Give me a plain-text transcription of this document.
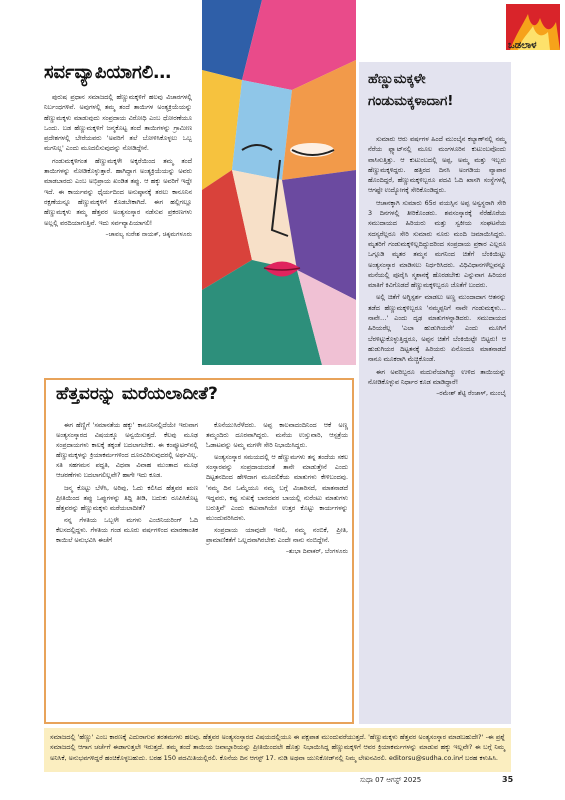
ಒಡಲಾಳ
ಸರ್ವವ್ಯಾಪಿಯಾಗಲಿ…

ಪುರುಷ ಪ್ರಧಾನ ಸಮಾಜದಲ್ಲಿ ಹೆಣ್ಣುಮಕ್ಕಳಿಗೆ ಹಲವು ವಿಚಾರಗಳಲ್ಲಿ ನಿರ್ಬಂಧಗಳಿವೆ. ಅವುಗಳಲ್ಲಿ ತಮ್ಮ ತಂದೆ ತಾಯಿಗಳ ಅಂತ್ಯಕ್ರಿಯೆಯನ್ನು ಹೆಣ್ಣುಮಕ್ಕಳು ಮಾಡುವುದು ಸಂಪ್ರದಾಯ ವಿರೋಧಿ ಎಂಬ ಧೋರಣೆಯೂ ಒಂದು. ಬಡ ಹೆಣ್ಣುಮಕ್ಕಳಿಗೆ ಜನ್ಮಕೊಟ್ಟ ತಂದೆ ತಾಯಿಗಳನ್ನು ಗ್ರಾಮೀಣ ಪ್ರದೇಶಗಳಲ್ಲಿ ಬೇರೆಯವರು 'ಅವರಿಗೆ ತಲೆ ಬೋಳಿಸಿಕೊಳ್ಳಲು ಒಬ್ಬ ಮಗನಿಲ್ಲ' ಎಂದು ಮೂದಲಿಸುವುದನ್ನು ನೋಡಿದ್ದೇನೆ.

ಗಂಡುಮಕ್ಕಳಿಗಂತ ಹೆಣ್ಣುಮಕ್ಕಳೇ ಅಕ್ಕರೆಯಿಂದ ತಮ್ಮ ತಂದೆ ತಾಯಿಗಳನ್ನು ನೋಡಿಕೊಳ್ಳುತ್ತಾರೆ. ಹಾಗಿದ್ದಾಗ ಅಂತ್ಯಕ್ರಿಯೆಯನ್ನು ಅವರು ಮಾಡಬಾರದು ಎಂಬ ಅಭಿಪ್ರಾಯ ಖಂಡಿತ ತಪ್ಪು. ಆ ಹಕ್ಕು ಅವರಿಗೆ ಇದ್ದೇ ಇದೆ. ಈ ಕಾರ್ಯವನ್ನು ಧೈರ್ಯದಿಂದ ಅನುಷ್ಠಾನಕ್ಕೆ ತರಲು ಕಾನೂನಿನ ರಕ್ಷಣೆಯನ್ನೂ ಹೆಣ್ಣುಮಕ್ಕಳಿಗೆ ಕೊಡಬೇಕಾಗಿದೆ. ಈಗ ಹಲ್ಲಿಗಲ್ಲೂ ಹೆಣ್ಣುಮಕ್ಕಳು ತಮ್ಮ ಹೆತ್ತವರ ಅಂತ್ಯಸಂಸ್ಕಾರ ನಡೆಸುವ ಪ್ರಕರಣಗಳು ಅಲ್ಲಲ್ಲಿ ವರದಿಯಾಗುತ್ತಿವೆ. ಇದು ಸರ್ವವ್ಯಾಪಿಯಾಗಲಿ!

–ಚಾವಲ್ಯ ಸುರೇಶ ನಾಯಕ್, ಚಿಕ್ಕಮಗಳೂರು
ಹೆಣ್ಣುಮಕ್ಕಳೇ ಗಂಡುಮಕ್ಕಳಾದಾಗ!

ಸುಮಾರು ಆರು ವರ್ಷಗಳ ಹಿಂದೆ ಮುಂಬೈನ ಕಲ್ಯಾಣ್‌ನಲ್ಲಿ ನಮ್ಮ ನೆರೆಯ ಫ್ಲ್ಯಾಟ್‌ನಲ್ಲಿ ಮೂಲ ಮಂಗಳೂರಿನ ಕುಟುಂಬವೊಂದು ವಾಸಿಸುತ್ತಿತ್ತು. ಆ ಕುಟುಂಬದಲ್ಲಿ ಅಪ್ಪ, ಅಮ್ಮ ಮತ್ತು ಇಬ್ಬರು ಹೆಣ್ಣುಮಕ್ಕಳಿದ್ದರು. ಹತ್ತಿರದ ದಿನಸಿ ಅಂಗಡಿಯ ವ್ಯಾಪಾರ ಹೊಂದಿದ್ದರೆ, ಹೆಣ್ಣುಮಕ್ಕಳಿಬ್ಬರೂ ಪದವಿ ಓದಿ ಖಾಸಗಿ ಸಂಸ್ಥೆಗಳಲ್ಲಿ ಆಗಷ್ಟೇ ಉದ್ಯೋಗಕ್ಕೆ ಸೇರಿಕೊಂಡಿದ್ದರು.

ಆಚಾನಕ್ಕಾಗಿ ಸುಮಾರು 65ರ ವಯಸ್ಸಿನ ಅಪ್ಪ ಅಸ್ವಸ್ಥರಾಗಿ ಸೇರಿ 3 ದಿನಗಳಲ್ಲಿ ತೀರಿಕೊಂಡರು. ಶವಸಂಸ್ಕಾರಕ್ಕೆ ನೆರೆಹೊರೆಯ ಸಮುದಾಯದ ಹಿರಿಯರು ಮತ್ತು ಸ್ವಕೀಯ ಸಂಘಟನೆಯ ಸದಸ್ಯರೆಲ್ಲರೂ ಸೇರಿ ಸುಮಾರು ನೂರು ಮಂದಿ ಜಮಾಯಿಸಿದ್ದರು. ಮೃತರಿಗೆ ಗಂಡುಮಕ್ಕಳಿಲ್ಲದಿದ್ದುದರಿಂದ ಸಂಪ್ರದಾಯ ಪ್ರಕಾರ ಎಲ್ಲರೂ ಒಗ್ಗೂಡಿ ಮೃತರ ತಮ್ಮನ ಮಗನಿಂದ ಚಿತೆಗೆ ಬೆಂಕಿಯಿಟ್ಟು ಅಂತ್ಯಸಂಸ್ಕಾರ ಮಾಡಿಸಲು ನಿರ್ಧರಿಸಿದರು. ವಿಧಿವಿಧಾನಗಳೆಲ್ಲವನ್ನೂ ಮನೆಯಲ್ಲಿ ಪೂರೈಸಿ ಸ್ಮಶಾನಕ್ಕೆ ಹೊರಡಬೇಕು ಎನ್ನುವಾಗ ಹಿರಿಯರ ಮಾತಿಗೆ ಕಿವಿಗೊಡದೆ ಹೆಣ್ಣುಮಕ್ಕಳಿಬ್ಬರೂ ಜೊತೆಗೆ ಬಂದರು.

ಅಲ್ಲಿ ಚಿತೆಗೆ ಅಗ್ನಿಸ್ಪರ್ಶ ಮಾಡಲು ಅಣ್ಣ ಮುಂದಾದಾಗ ಆತನನ್ನು ತಡೆದ ಹೆಣ್ಣುಮಕ್ಕಳಿಬ್ಬರೂ 'ನಮ್ಮಪ್ಪನಿಗೆ ನಾವೇ ಗಂಡುಮಕ್ಕಳು… ನಾವೇ…' ಎಂದು ದೃಢ ಮಾತುಗಳನ್ನಾಡಿದರು. ಸಮುದಾಯದ ಹಿರಿಯರೆಲ್ಲ 'ಎಲಾ ಹುಡುಗಿಯರೇ' ಎಂದು ಮೂಗಿಗೆ ಬೆರಳಿಟ್ಟುಕೊಳ್ಳುತ್ತಿದ್ದರೂ, ಅಪ್ಪನ ಚಿತೆಗೆ ಬೆಂಕಿಯಿಟ್ಟೇ ಬಿಟ್ಟರು! ಆ ಹುಡುಗಿಯರ ದಿಟ್ಟತನಕ್ಕೆ ಹಿರಿಯರು ಏನೊಂದೂ ಮಾತನಾಡದೆ ನಾನೂ ಮೂಕರಾಗಿ ಮೆಚ್ಚಿಕೊಂಡೆ.

ಈಗ ಅವರಿಬ್ಬರೂ ಮದುವೆಯಾಗಿದ್ದು ಉಳಿದ ತಾಯಿಯನ್ನು ನೋಡಿಕೊಳ್ಳುವ ನಿರ್ಧಾರ ಕೂಡ ಮಾಡಿದ್ದಾರೆ!

–ರಮೇಶ್ ಶೆಟ್ಟಿ ರೆಂಜಾಳ್, ಮುಂಬೈ
ಹೆತ್ತವರನ್ನು ಮರೆಯಲಾದೀತೆ?

ಈಗ ಹೆಣ್ಣಿಗೆ 'ಸಮಾನತೆಯ ಹಕ್ಕು' ಕಾನೂನಿನಲ್ಲಿದೆಯೇ ಇರುವಾಗ ಅಂತ್ಯಸಂಸ್ಕಾರದ ವಿಷಯಕ್ಕೂ ಅನ್ವಯಿಸುತ್ತದೆ. ಕೆಲವು ಮೂಢ ಸಂಪ್ರದಾಯಗಳು ಕಾಲಕ್ಕೆ ತಕ್ಕಂತೆ ಬದಲಾಗಬೇಕು. ಈ ಕಂಪ್ಯೂಟರ್‌ನಲ್ಲಿ ಹೆಣ್ಣುಮಕ್ಕಳನ್ನು ಕ್ರಿಯಾಕರ್ಮಗಳಿಂದ ದೂರವಿರಿಸುವುದರಲ್ಲಿ ಅರ್ಥವಿಲ್ಲ. ಸತಿ ಸಹಗಮನ ಪದ್ಧತಿ, ವಿಧವಾ ವಿವಾಹ ಮುಂತಾದ ಮೂಢ ಆಚರಣೆಗಳು ಬದಲಾಗಲಿಲ್ಲವೇ? ಹಾಗೇ ಇದು ಕೂಡ.

ಜನ್ಮ ಕೊಟ್ಟು ಬೆಳೆಸಿ, ಅರಿವು, ಓದು ಕಲಿಸಿದ ಹೆತ್ತವರ ಋಣ ಪ್ರೀತಿಯಿಂದ ತಪ್ಪು ಒಪ್ಪುಗಳನ್ನು ತಿದ್ದಿ ತೀಡಿ, ಬದುಕು ರೂಪಿಸಿಕೊಟ್ಟ ಹೆತ್ತವರನ್ನು ಹೆಣ್ಣುಮಕ್ಕಳು ಮರೆಯಲಾದೀತೆ?

ನನ್ನ ಗೆಳತಿಯ ಒಬ್ಬಳೇ ಮಗಳು ಎಂಜಿನಿಯರಿಂಗ್ ಓದಿ ಕೆಲಸದಲ್ಲಿದ್ದಳು. ಗೆಳತಿಯ ಗಂಡ ಮೂರು ವರ್ಷಗಳಿಂದ ಮಾರಣಾಂತಿಕ ಕಾಯಿಲೆ ಅನುಭವಿಸಿ ಈಚೆಗೆ

ಕೊನೆಯುಸಿರೆಳೆದರು. ಅಪ್ಪ ಕಾಲವಾದಂದಿನಿಂದ ಆಕೆ ಅಣ್ಣ ತಮ್ಮಂದಿರು ದೂರವಾಗಿದ್ದರು. ಮನೆಯ ಉಸ್ತುವಾರಿ, ಆಸ್ಪತ್ರೆಯ ಓಡಾಟವನ್ನು ಅಮ್ಮ ಮಗಳೇ ಸೇರಿ ನಿಭಾಯಿಸಿದ್ದರು.

ಅಂತ್ಯಸಂಸ್ಕಾರ ಸಮಯದಲ್ಲಿ ಆ ಹೆಣ್ಣುಮಗಳು ತನ್ನ ತಂದೆಯ ಸಕಲ ಸಂಸ್ಕಾರವನ್ನು ಸಂಪ್ರದಾಯದಂತೆ ತಾನೇ ಮಾಡುತ್ತೇನೆ ಎಂದು ದಿಟ್ಟತನದಿಂದ ಹೇಳಿದಾಗ ಮೂದಲಿಕೆಯ ಮಾತುಗಳು ಕೇಳಿಬಂದವು. 'ನಮ್ಮ ದಿನ ಒಮ್ಮೆಯೂ ನಮ್ಮ ಬಗ್ಗೆ ವಿಚಾರಿಸದೆ, ಮಾತನಾಡದೆ ಇದ್ದವರು, ಕಷ್ಟ ಸುಖಕ್ಕೆ ಬಾರದವರ ಬಾಯಲ್ಲಿ ನುರೆಂಟು ಮಾತುಗಳು ಬರುತ್ತಿವೆ' ಎಂದು ಕಟುವಾಗಿಯೇ ಉತ್ತರ ಕೊಟ್ಟು ಕಾರ್ಯಗಳನ್ನು ಮುಂದುವರಿಸಿದಳು.

ಸಂಪ್ರದಾಯ ಯಾವುದೇ ಇರಲಿ, ನಮ್ಮ ನಂಬಿಕೆ, ಪ್ರೀತಿ, ಪ್ರಾಮಾಣಿಕತೆಗೆ ಒಲ್ಲದವಾಗಿರಬೇಕು ಎಂದೇ ನಾನು ನಂಬಿದ್ದೇನೆ.

–ಶುಭಾ ದಿವಾಕರ್, ಬೆಂಗಳೂರು
ಸಮಾಜದಲ್ಲಿ 'ಹೆಣ್ಣು' ಎಂಬ ಕಾರಣಕ್ಕೆ ಎದುರಾಗುವ ತರತಮಗಳು ಹಲವು. ಹೆತ್ತವರ ಅಂತ್ಯಸಂಸ್ಕಾರದ ವಿಷಯದಲ್ಲಿಯೂ ಈ ಪಕ್ಷಪಾತ ಮುಂದುವರೆಯುತ್ತದೆ. 'ಹೆಣ್ಣುಮಕ್ಕಳು ಹೆತ್ತವರ ಅಂತ್ಯಸಂಸ್ಕಾರ ಮಾಡಬಹುದೇ?' -ಈ ಪ್ರಶ್ನೆ ಸಮಾಜದಲ್ಲಿ ಆಗಾಗ ಚರ್ಚೆಗೆ ಈಡಾಗುತ್ತಲೇ ಇರುತ್ತದೆ. ತಮ್ಮ ತಂದೆ ತಾಯಿಯ ಜವಾಬ್ದಾರಿಯನ್ನು ಪ್ರೀತಿಯಿಂದಲೇ ಹೊತ್ತು ನಿಭಾಯಿಸಿದ್ದ ಹೆಣ್ಣುಮಕ್ಕಳಿಗೆ ಆವರ ಕ್ರಿಯಾಕರ್ಮಗಳನ್ನು ಮಾಡುವ ಹಕ್ಕು ಇಲ್ಲವೇ? ಈ ಬಗ್ಗೆ ನಿಮ್ಮ ಅನಿಸಿಕೆ, ಅನುಭವಗಳಿದ್ದರೆ ಹಂಚಿಕೊಳ್ಳಬಹುದು. ಬರಹ 150 ಪದಮಿತಿಯಲ್ಲಿರಲಿ. ಕೊನೆಯ ದಿನ ಆಗಸ್ಟ್ 17. ನುಡಿ ಅಥವಾ ಯುನಿಕೋಡ್‌ನಲ್ಲಿ ನಿಮ್ಮ ಲೇಖನವಿರಲಿ. editorsu@sudha.co.inಗೆ ಬರಹ ಕಳುಹಿಸಿ.
ಸುಧಾ 07 ಆಗಸ್ಟ್ 2025	35
